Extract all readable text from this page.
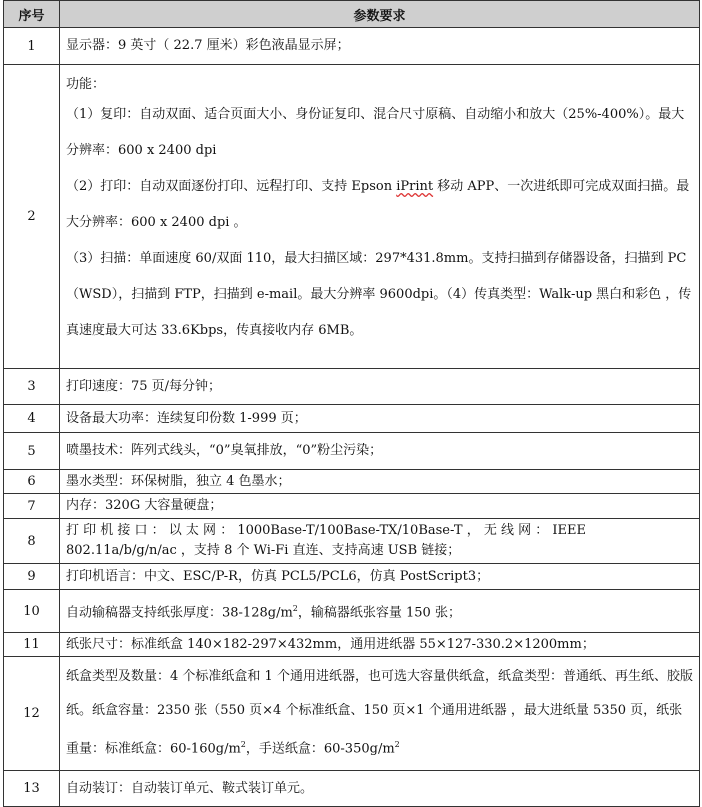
序号	参数要求
1	显示器：9 英寸（ 22.7 厘米）彩色液晶显示屏；
2	功能：

（1）复印：自动双面、适合页面大小、身份证复印、混合尺寸原稿、自动缩小和放大（25%-400%）。最大分辨率：600 x 2400 dpi

（2）打印：自动双面逐份打印、远程打印、支持 Epson iPrint 移动 APP、一次进纸即可完成双面扫描。最大分辨率：600 x 2400 dpi 。

（3）扫描：单面速度 60/双面 110，最大扫描区域：297*431.8mm。支持扫描到存储器设备，扫描到 PC（WSD），扫描到 FTP，扫描到 e-mail。最大分辨率 9600dpi。（4）传真类型：Walk-up 黑白和彩色 ，传真速度最大可达 33.6Kbps，传真接收内存 6MB。

3	打印速度：75 页/每分钟；
4	设备最大功率：连续复印份数 1-999 页；
5	喷墨技术：阵列式线头，“0”臭氧排放，“0”粉尘污染；
6	墨水类型：环保树脂，独立 4 色墨水；
7	内存：320G 大容量硬盘；
8	打 印 机 接 口 ： 以 太 网 ： 1000Base-T/100Base-TX/10Base-T ， 无 线 网 ： IEEE 802.11a/b/g/n/ac ，支持 8 个 Wi-Fi 直连、支持高速 USB 链接；
9	打印机语言：中文、ESC/P-R，仿真 PCL5/PCL6，仿真 PostScript3；
10	自动输稿器支持纸张厚度：$38-128g/m^2$，输稿器纸张容量 150 张；
11	纸张尺寸：标准纸盒 140×182-297×432mm，通用进纸器 55×127-330.2×1200mm；
12	纸盒类型及数量：4 个标准纸盒和 1 个通用进纸器，也可选大容量供纸盒，纸盒类型：普通纸、再生纸、胶版纸。纸盒容量：2350 张（550 页×4 个标准纸盒、150 页×1 个通用进纸器 ，最大进纸量 5350 页，纸张重量：标准纸盒：$60-160g/m^2$，手送纸盒：$60-350g/m^2$

13	自动装订：自动装订单元、鞍式装订单元。
